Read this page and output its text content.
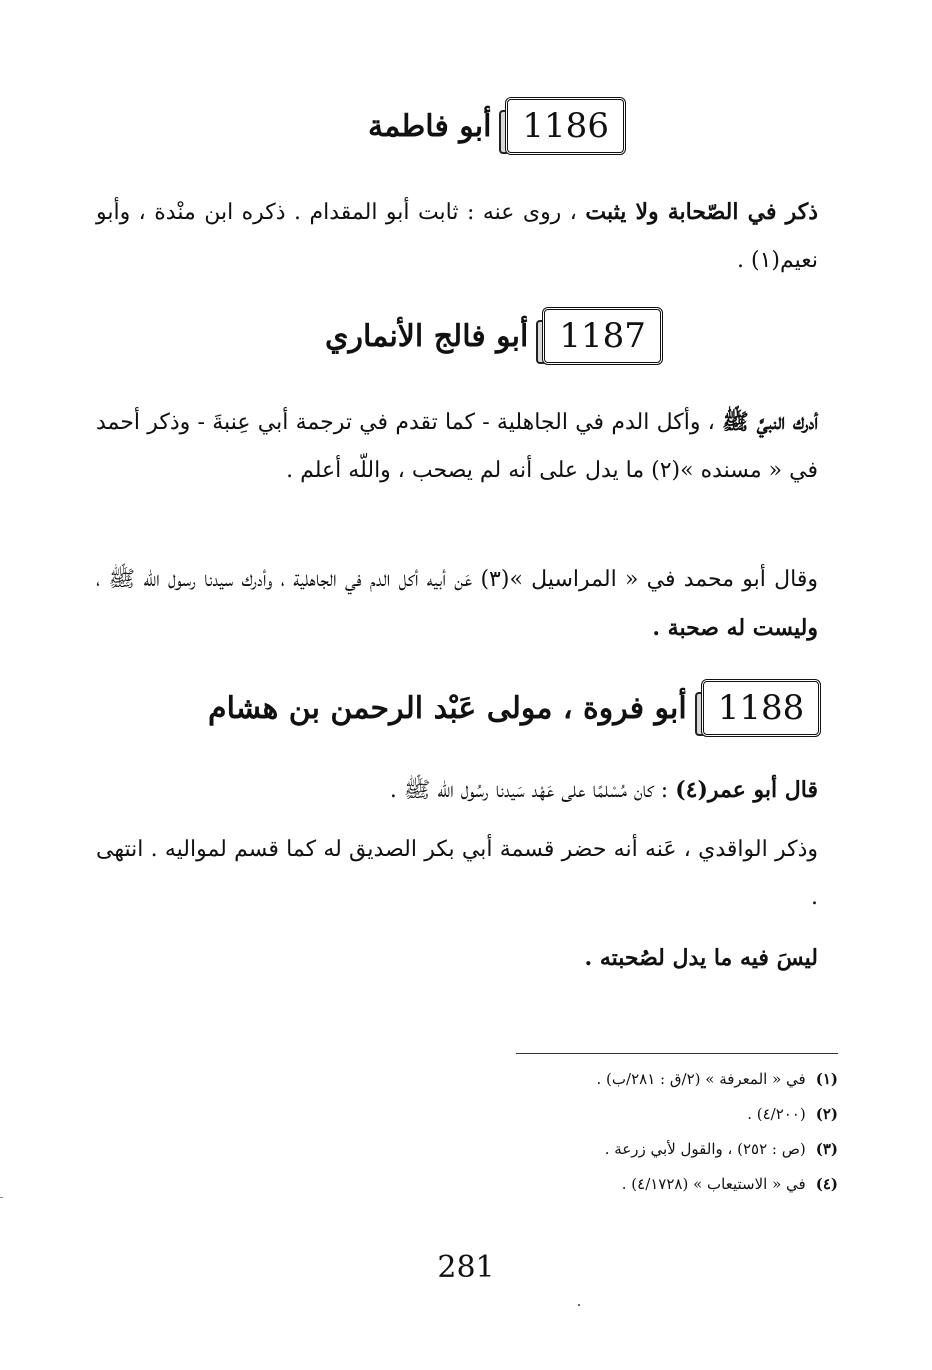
1186
أبو فاطمة
ذكر في الصّحابة ولا يثبت ، روى عنه : ثابت أبو المقدام . ذكره ابن منْدة ، وأبو نعيم(١) .
1187
أبو فالج الأنماري
أدرك النبيَّ ﷺ ، وأكل الدم في الجاهلية - كما تقدم في ترجمة أبي عِنبةَ - وذكر أحمد في « مسنده »(٢) ما يدل على أنه لم يصحب ، واللّه أعلم .
وقال أبو محمد في « المراسيل »(٣) عَن أبيه أكل الدم في الجاهلية ، وأدرك سيدنا رسول اللّه ﷺ ، وليست له صحبة .
1188
أبو فروة ، مولى عَبْد الرحمن بن هشام
قال أبو عمر(٤) : كان مُسْلمًا على عَهْد سَيدنا رسُول اللّه ﷺ .
وذكر الواقدي ، عَنه أنه حضر قسمة أبي بكر الصديق له كما قسم لمواليه . انتهى .
ليسَ فيه ما يدل لصُحبته .
(١)في « المعرفة » (٢/ق : ٢٨١/ب) .
(٢)(٤/٢٠٠) .
(٣)(ص : ٢٥٢) ، والقول لأبي زرعة .
(٤)في « الاستيعاب » (٤/١٧٢٨) .
281
